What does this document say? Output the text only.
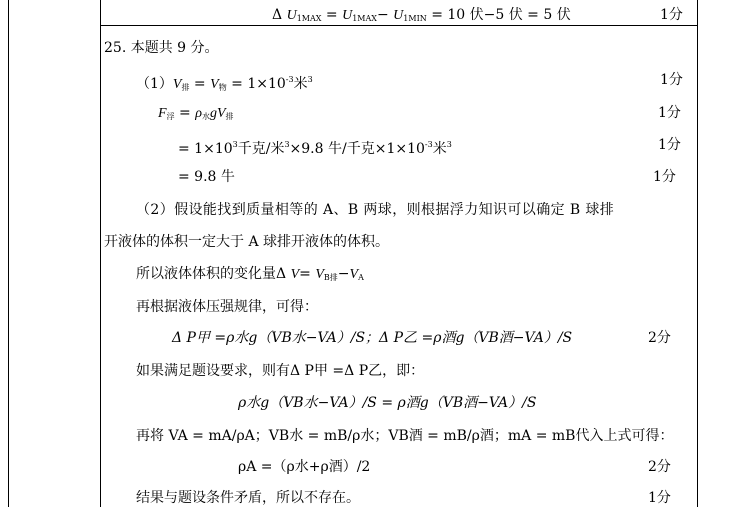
Δ $U_{1MAX} = U_{1MAX}- U_{1MIN} = 10$ 伏−5 伏 = 5 伏	1分
25. 本题共 9 分。
$(1)V_排 = V_物 = 1\times 10^{-3}$米$^3$	1分
$F_浮 = \rho_水gV_排$	1分
= $1\times 10^3$千克/米$^3$×9.8 牛/千克$\times 1\times 10^{-3}$米$^3$	1分
= 9.8 牛	1分
（2）假设能找到质量相等的 A、B 两球，则根据浮力知识可以确定 B 球排
开液体的体积一定大于 A 球排开液体的体积。
所以液体体积的变化量Δ $V= V_{B排}-V_A$
再根据液体压强规律，可得：
Δ P甲 =ρ水g（VB水−VA）/S；Δ P乙 =ρ酒g（VB酒−VA）/S	2分
如果满足题设要求，则有Δ P甲 =Δ P乙，即：
ρ水g（VB水−VA）/S = ρ酒g（VB酒−VA）/S
再将 VA = mA/ρA；VB水 = mB/ρ水；VB酒 = mB/ρ酒；mA = mB代入上式可得：
ρA =（ρ水+ρ酒）/2	2分
结果与题设条件矛盾，所以不存在。	1分
